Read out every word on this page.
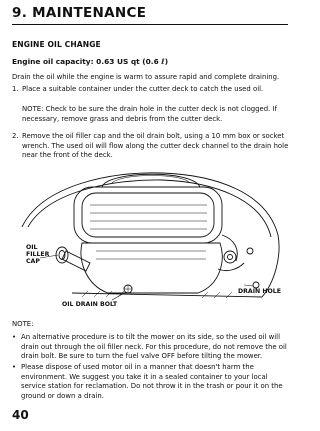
9. MAINTENANCE
ENGINE OIL CHANGE
Engine oil capacity: 0.63 US qt (0.6 ℓ)
Drain the oil while the engine is warm to assure rapid and complete draining.
1. Place a suitable container under the cutter deck to catch the used oil.
NOTE: Check to be sure the drain hole in the cutter deck is not clogged. If necessary, remove grass and debris from the cutter deck.
2. Remove the oil filler cap and the oil drain bolt, using a 10 mm box or socket wrench. The used oil will flow along the cutter deck channel to the drain hole near the front of the deck.
OIL
FILLER
CAP
OIL DRAIN BOLT
DRAIN HOLE
NOTE:
• An alternative procedure is to tilt the mower on its side, so the used oil will drain out through the oil filler neck. For this procedure, do not remove the oil drain bolt. Be sure to turn the fuel valve OFF before tilting the mower.
• Please dispose of used motor oil in a manner that doesn't harm the environment. We suggest you take it in a sealed container to your local service station for reclamation. Do not throw it in the trash or pour it on the ground or down a drain.
40
